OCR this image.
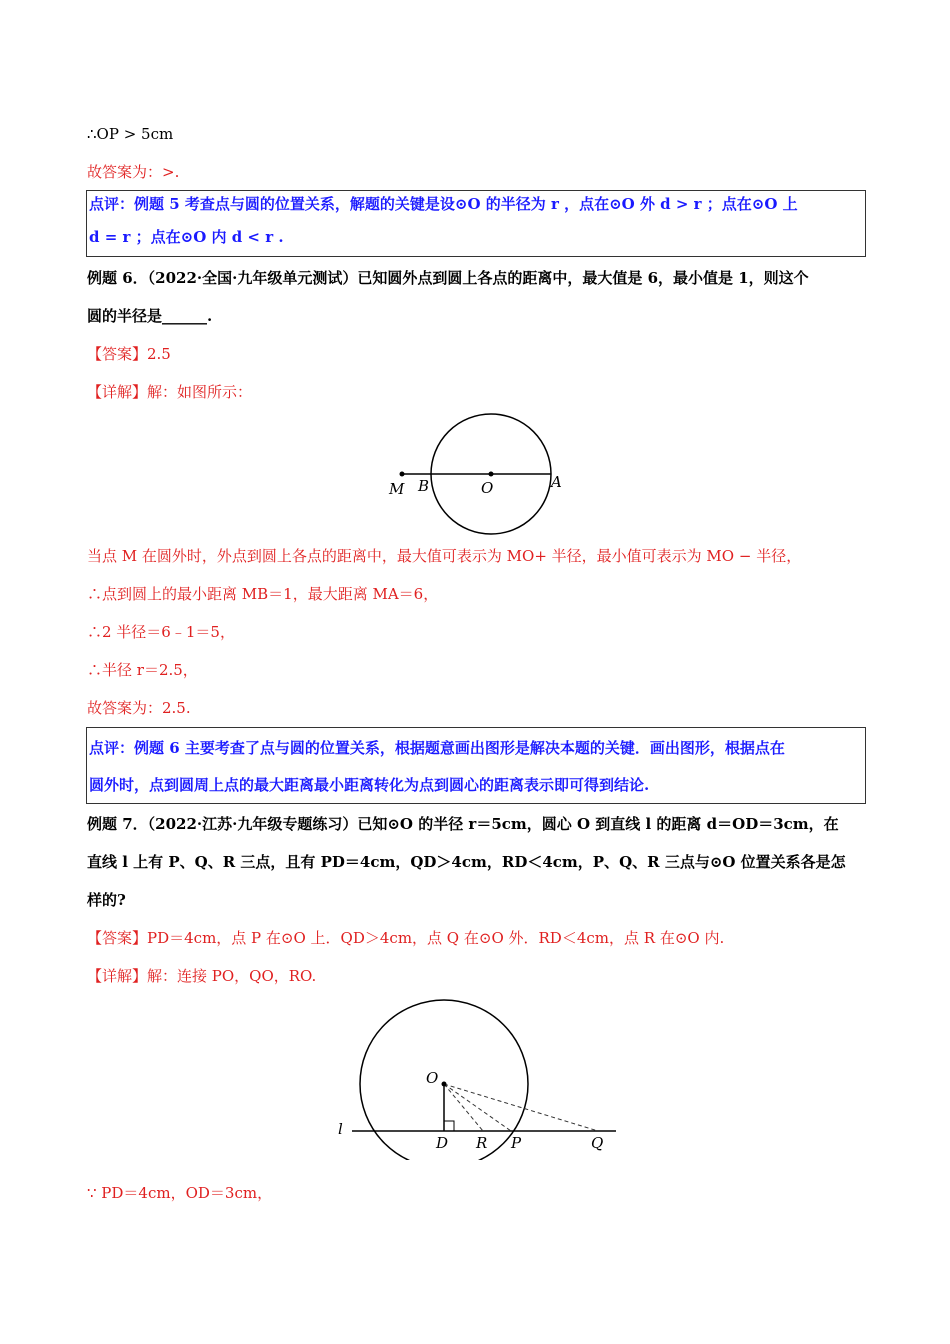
∴OP > 5cm
故答案为：>.
点评：例题 5 考查点与圆的位置关系，解题的关键是设⊙O 的半径为 r ，点在⊙O 外 d > r ；点在⊙O 上
d = r ；点在⊙O 内 d < r .
例题 6．（2022·全国·九年级单元测试）已知圆外点到圆上各点的距离中，最大值是 6，最小值是 1，则这个
圆的半径是______.
【答案】2.5
【详解】解：如图所示：
M B	O	A
当点 M 在圆外时，外点到圆上各点的距离中，最大值可表示为 MO+ 半径，最小值可表示为 MO − 半径，
∴点到圆上的最小距离 MB＝1，最大距离 MA＝6，
∴2 半径＝6﹣1＝5，
∴半径 r＝2.5，
故答案为：2.5.
点评：例题 6 主要考查了点与圆的位置关系，根据题意画出图形是解决本题的关键．画出图形，根据点在
圆外时，点到圆周上点的最大距离最小距离转化为点到圆心的距离表示即可得到结论.
例题 7．（2022·江苏·九年级专题练习）已知⊙O 的半径 r＝5cm，圆心 O 到直线 l 的距离 d＝OD＝3cm，在
直线 l 上有 P、Q、R 三点，且有 PD＝4cm，QD＞4cm，RD＜4cm，P、Q、R 三点与⊙O 位置关系各是怎
样的?
【答案】PD＝4cm，点 P 在⊙O 上．QD＞4cm，点 Q 在⊙O 外．RD＜4cm，点 R 在⊙O 内.
【详解】解：连接 PO，QO，RO.
O
l
D R P	Q
∵ PD＝4cm，OD＝3cm，
